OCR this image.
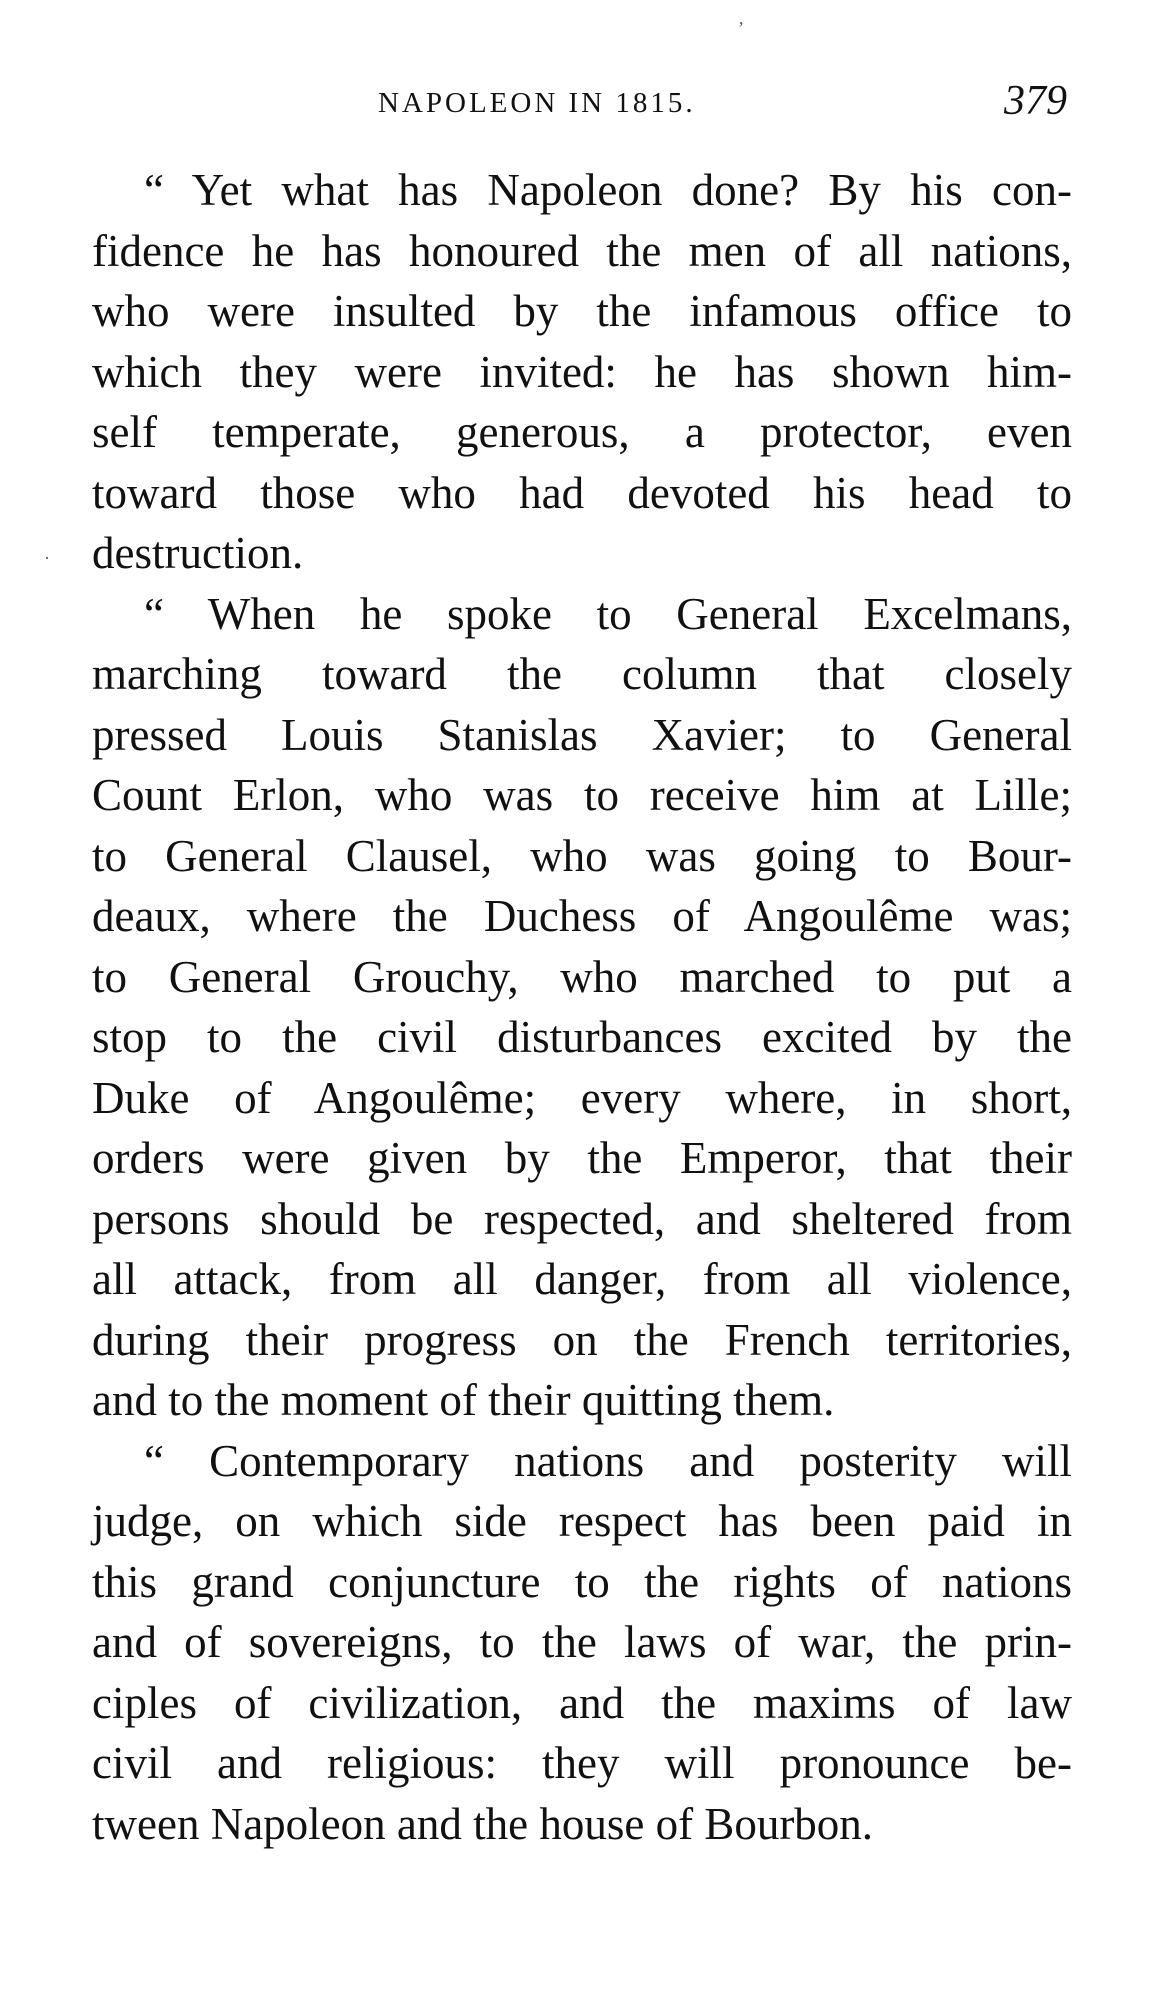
ʼ
·
NAPOLEON IN 1815.	379
“ Yet what has Napoleon done? By his con-
fidence he has honoured the men of all nations,
who were insulted by the infamous office to
which they were invited: he has shown him-
self temperate, generous, a protector, even
toward those who had devoted his head to
destruction.
“ When he spoke to General Excelmans,
marching toward the column that closely
pressed Louis Stanislas Xavier; to General
Count Erlon, who was to receive him at Lille;
to General Clausel, who was going to Bour-
deaux, where the Duchess of Angoulême was;
to General Grouchy, who marched to put a
stop to the civil disturbances excited by the
Duke of Angoulême; every where, in short,
orders were given by the Emperor, that their
persons should be respected, and sheltered from
all attack, from all danger, from all violence,
during their progress on the French territories,
and to the moment of their quitting them.
“ Contemporary nations and posterity will
judge, on which side respect has been paid in
this grand conjuncture to the rights of nations
and of sovereigns, to the laws of war, the prin-
ciples of civilization, and the maxims of law
civil and religious: they will pronounce be-
tween Napoleon and the house of Bourbon.
